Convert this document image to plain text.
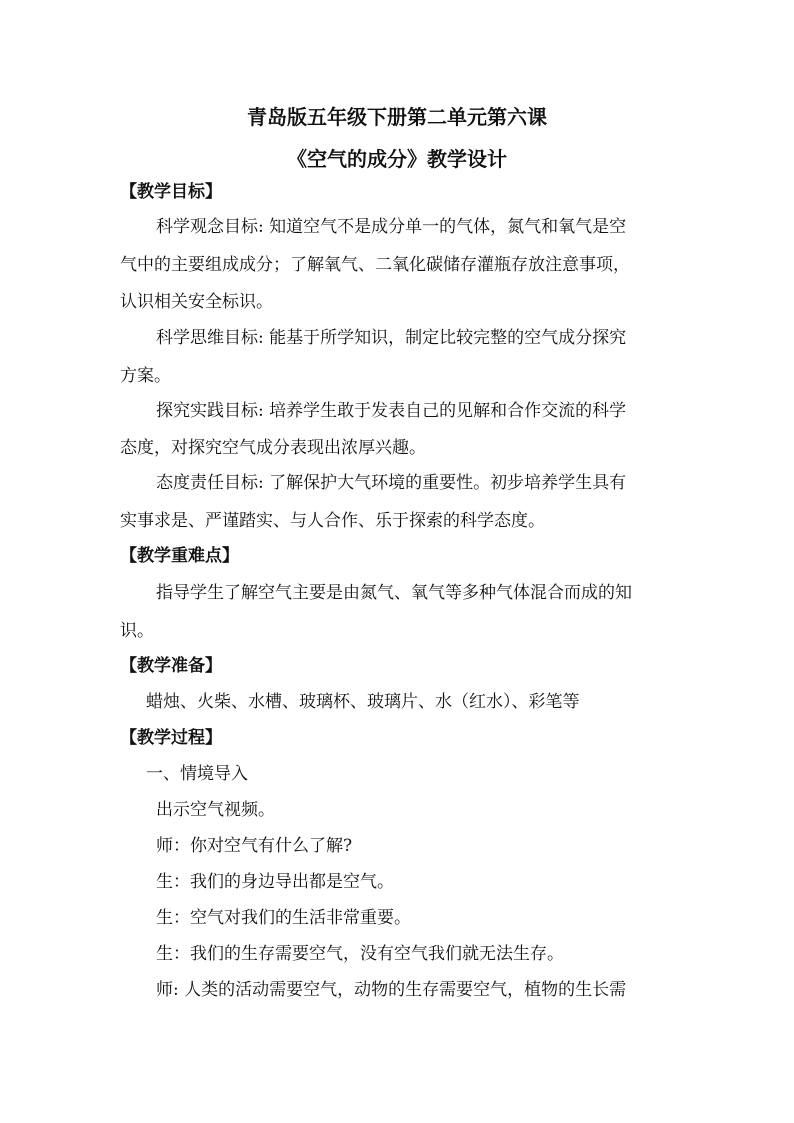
青岛版五年级下册第二单元第六课
《空气的成分》教学设计
【教学目标】
科学观念目标: 知道空气不是成分单一的气体，氮气和氧气是空
气中的主要组成成分；了解氧气、二氧化碳储存灌瓶存放注意事项，
认识相关安全标识。
科学思维目标: 能基于所学知识，制定比较完整的空气成分探究
方案。
探究实践目标: 培养学生敢于发表自己的见解和合作交流的科学
态度，对探究空气成分表现出浓厚兴趣。
态度责任目标: 了解保护大气环境的重要性。初步培养学生具有
实事求是、严谨踏实、与人合作、乐于探索的科学态度。
【教学重难点】
指导学生了解空气主要是由氮气、氧气等多种气体混合而成的知
识。
【教学准备】
蜡烛、火柴、水槽、玻璃杯、玻璃片、水（红水）、彩笔等
【教学过程】
一、情境导入
出示空气视频。
师：你对空气有什么了解?
生：我们的身边导出都是空气。
生：空气对我们的生活非常重要。
生：我们的生存需要空气，没有空气我们就无法生存。
师: 人类的活动需要空气，动物的生存需要空气，植物的生长需
